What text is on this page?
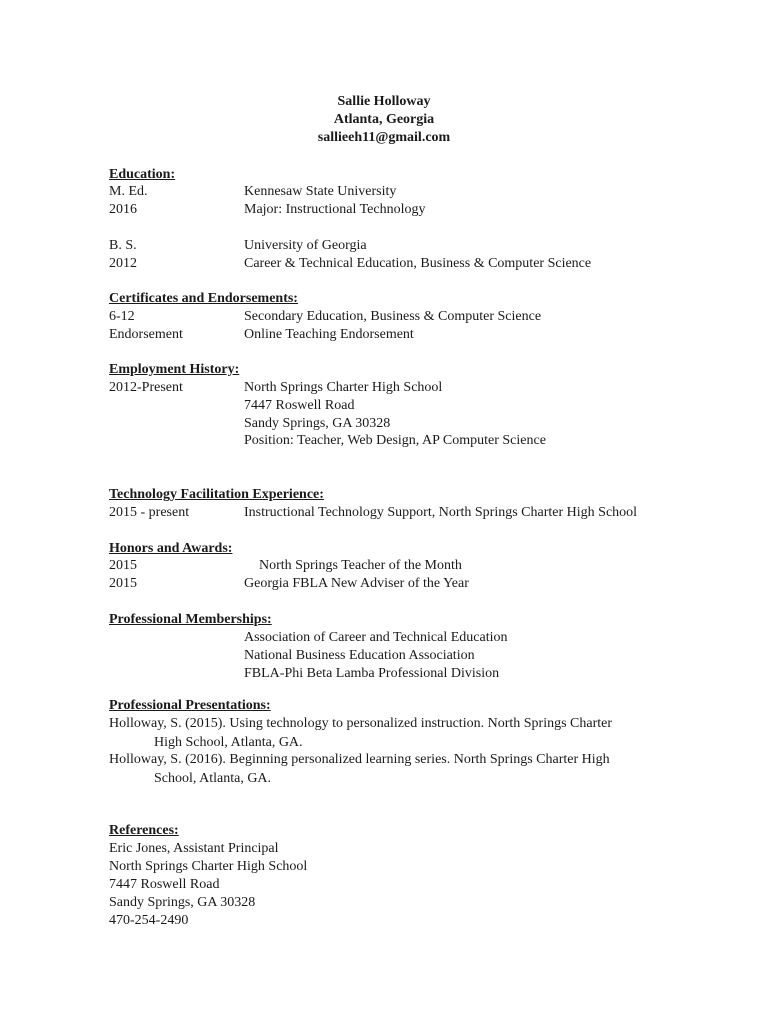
Sallie Holloway
Atlanta, Georgia
sallieeh11@gmail.com
Education:
M. Ed.	Kennesaw State University
2016	Major: Instructional Technology
B. S.	University of Georgia
2012	Career & Technical Education, Business & Computer Science
Certificates and Endorsements:
6-12	Secondary Education, Business & Computer Science
Endorsement	Online Teaching Endorsement
Employment History:
2012-Present	North Springs Charter High School
7447 Roswell Road
Sandy Springs, GA 30328
Position: Teacher, Web Design, AP Computer Science
Technology Facilitation Experience:
2015 - present	Instructional Technology Support, North Springs Charter High School
Honors and Awards:
2015	North Springs Teacher of the Month
2015	Georgia FBLA New Adviser of the Year
Professional Memberships:
Association of Career and Technical Education
National Business Education Association
FBLA-Phi Beta Lamba Professional Division
Professional Presentations:
Holloway, S. (2015). Using technology to personalized instruction. North Springs Charter
High School, Atlanta, GA.
Holloway, S. (2016). Beginning personalized learning series. North Springs Charter High
School, Atlanta, GA.
References:
Eric Jones, Assistant Principal
North Springs Charter High School
7447 Roswell Road
Sandy Springs, GA 30328
470-254-2490
